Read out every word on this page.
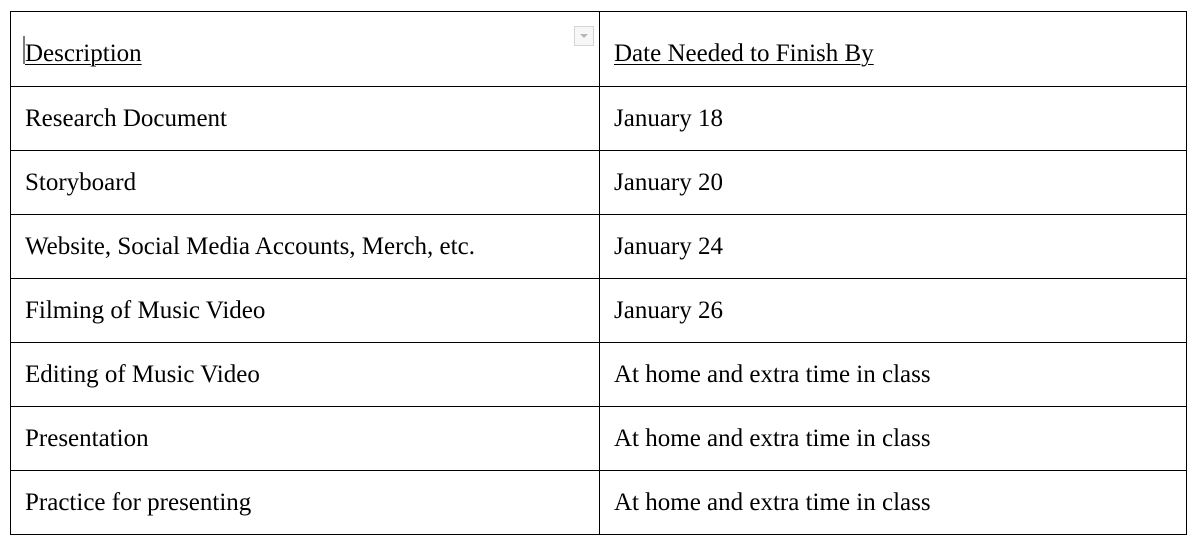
Description	Date Needed to Finish By
Research Document	January 18
Storyboard	January 20
Website, Social Media Accounts, Merch, etc.	January 24
Filming of Music Video	January 26
Editing of Music Video	At home and extra time in class
Presentation	At home and extra time in class
Practice for presenting	At home and extra time in class
